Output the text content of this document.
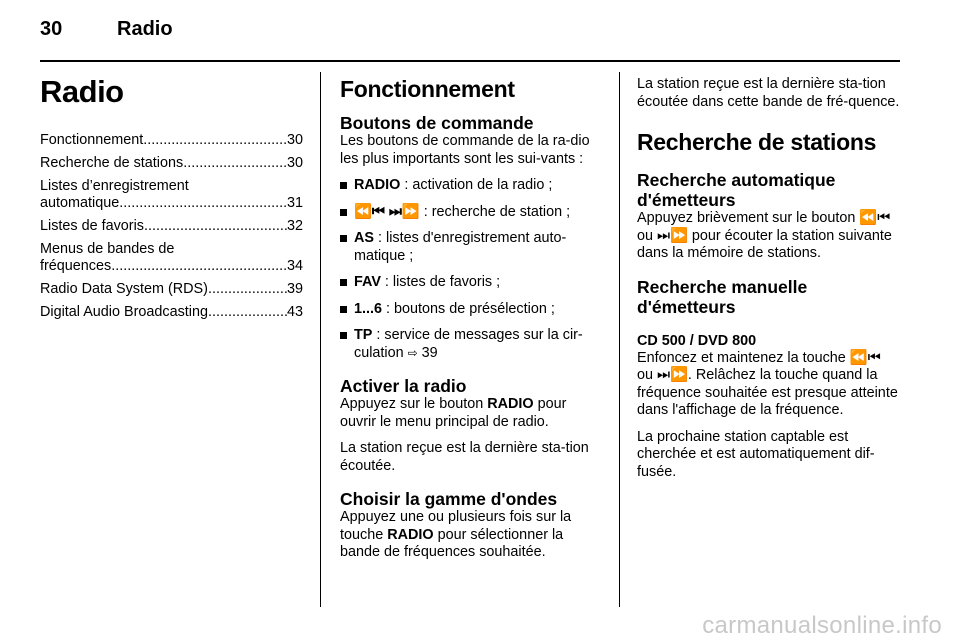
30	Radio
Radio
Fonctionnement .....	30
Recherche de stations .....	30
Listes d’enregistrement
automatique .....	31
Listes de favoris .....	32
Menus de bandes de
fréquences .....	34
Radio Data System (RDS) .....	39
Digital Audio Broadcasting .....	43
Fonctionnement
Boutons de commande

Les boutons de commande de la ra-dio les plus importants sont les sui-vants :

RADIO : activation de la radio ;
⏪⏮ ⏭⏩ : recherche de station ;
AS : listes d'enregistrement auto-matique ;
FAV : listes de favoris ;
1...6 : boutons de présélection ;
TP : service de messages sur la cir-culation ⇨ 39
Activer la radio

Appuyez sur le bouton RADIO pour ouvrir le menu principal de radio.

La station reçue est la dernière sta-tion écoutée.

Choisir la gamme d'ondes

Appuyez une ou plusieurs fois sur la touche RADIO pour sélectionner la bande de fréquences souhaitée.

La station reçue est la dernière sta-tion écoutée dans cette bande de fré-quence.

Recherche de stations
Recherche automatique d'émetteurs

Appuyez brièvement sur le bouton ⏪⏮ ou ⏭⏩ pour écouter la station suivante dans la mémoire de stations.

Recherche manuelle d'émetteurs
CD 500 / DVD 800

Enfoncez et maintenez la touche ⏪⏮ ou ⏭⏩. Relâchez la touche quand la fréquence souhaitée est presque atteinte dans l'affichage de la fréquence.

La prochaine station captable est cherchée et est automatiquement dif-fusée.

carmanualsonline.info
